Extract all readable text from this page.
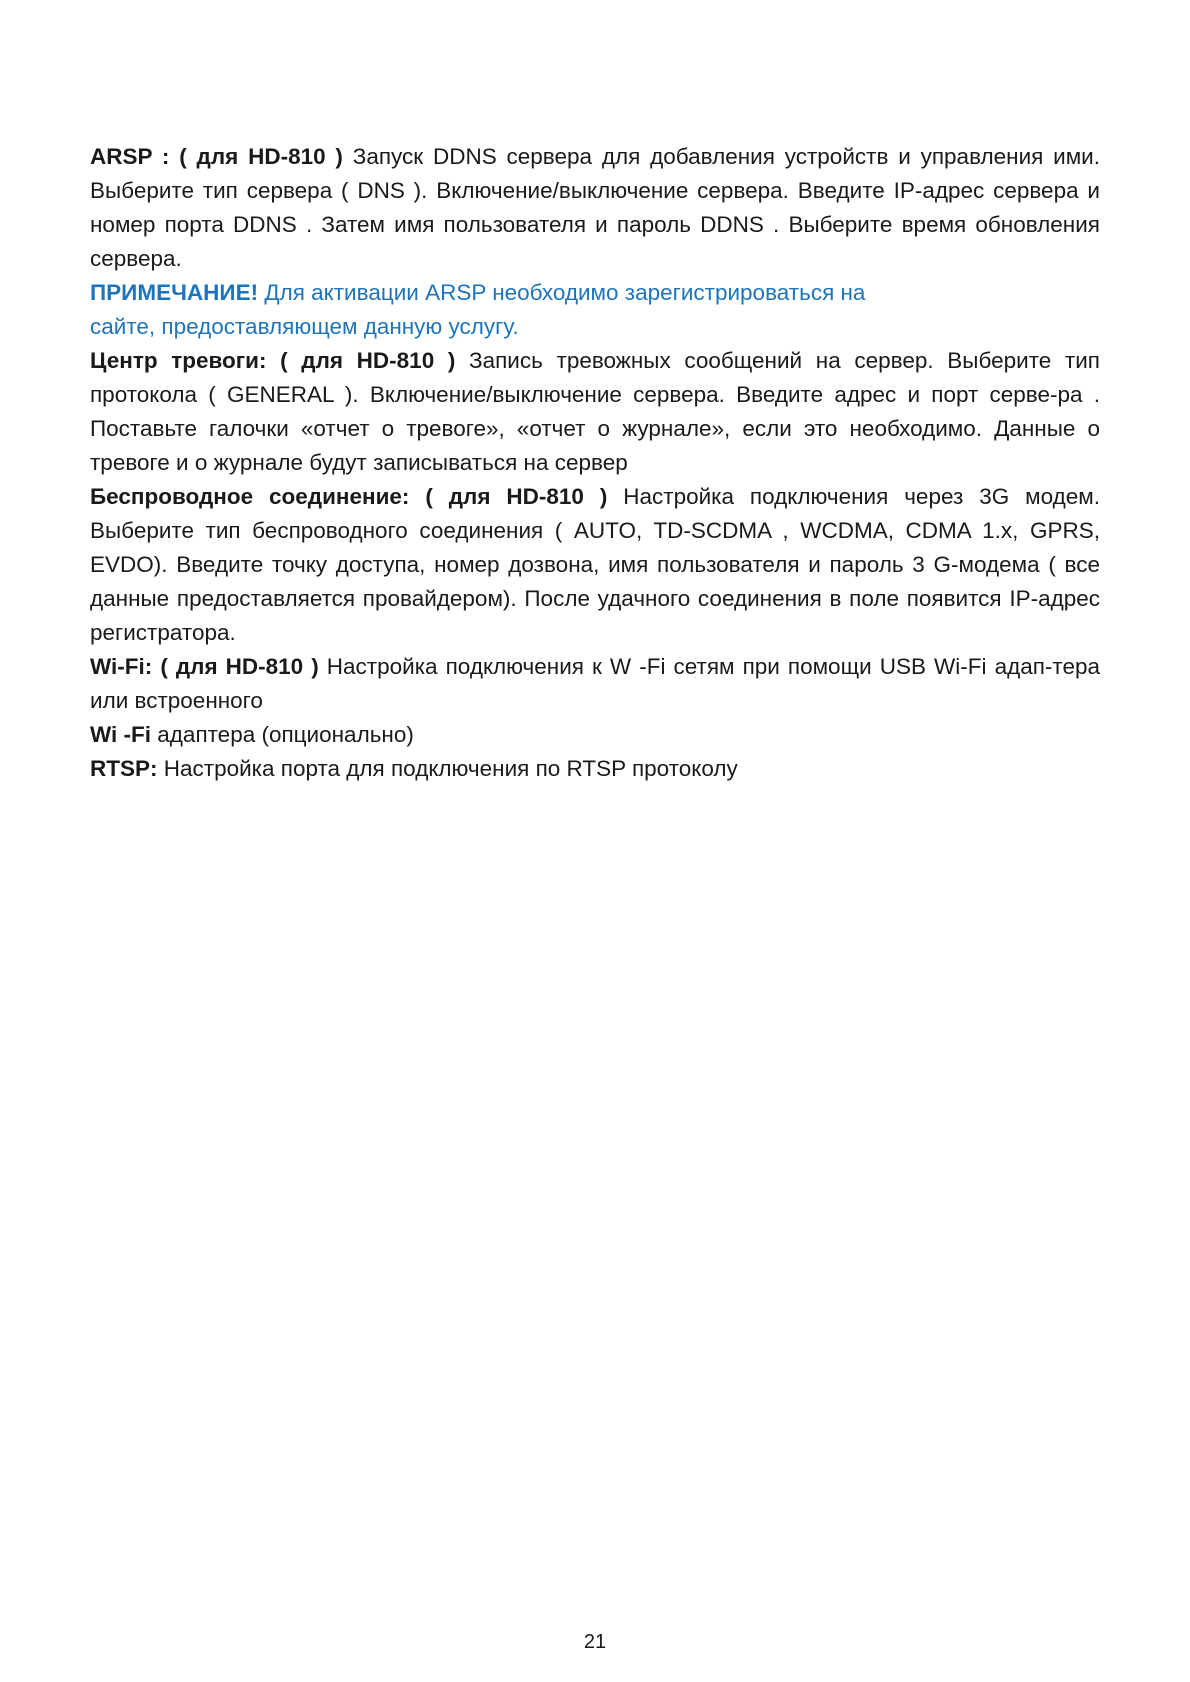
ARSP : ( для HD-810 ) Запуск DDNS сервера для добавления устройств и управления ими. Выберите тип сервера ( DNS ). Включение/выключение сервера. Введите IP-адрес сервера и номер порта DDNS . Затем имя пользователя и пароль DDNS . Выберите время обновления сервера.

ПРИМЕЧАНИЕ! Для активации ARSP необходимо зарегистрироваться на
сайте, предоставляющем данную услугу.

Центр тревоги: ( для HD-810 ) Запись тревожных сообщений на сервер. Выберите тип протокола ( GENERAL ). Включение/выключение сервера. Введите адрес и порт серве-ра . Поставьте галочки «отчет о тревоге», «отчет о журнале», если это необходимо. Данные о тревоге и о журнале будут записываться на сервер

Беспроводное соединение: ( для HD-810 ) Настройка подключения через 3G модем. Выберите тип беспроводного соединения ( AUTO, TD-SCDMA , WCDMA, CDMA 1.x, GPRS, EVDO). Введите точку доступа, номер дозвона, имя пользователя и пароль 3 G-модема ( все данные предоставляется провайдером). После удачного соединения в поле появится IP-адрес регистратора.

Wi-Fi: ( для HD-810 ) Настройка подключения к W -Fi сетям при помощи USB Wi-Fi адап-тера или встроенного

Wi -Fi адаптера (опционально)

RTSP: Настройка порта для подключения по RTSP протоколу

21
